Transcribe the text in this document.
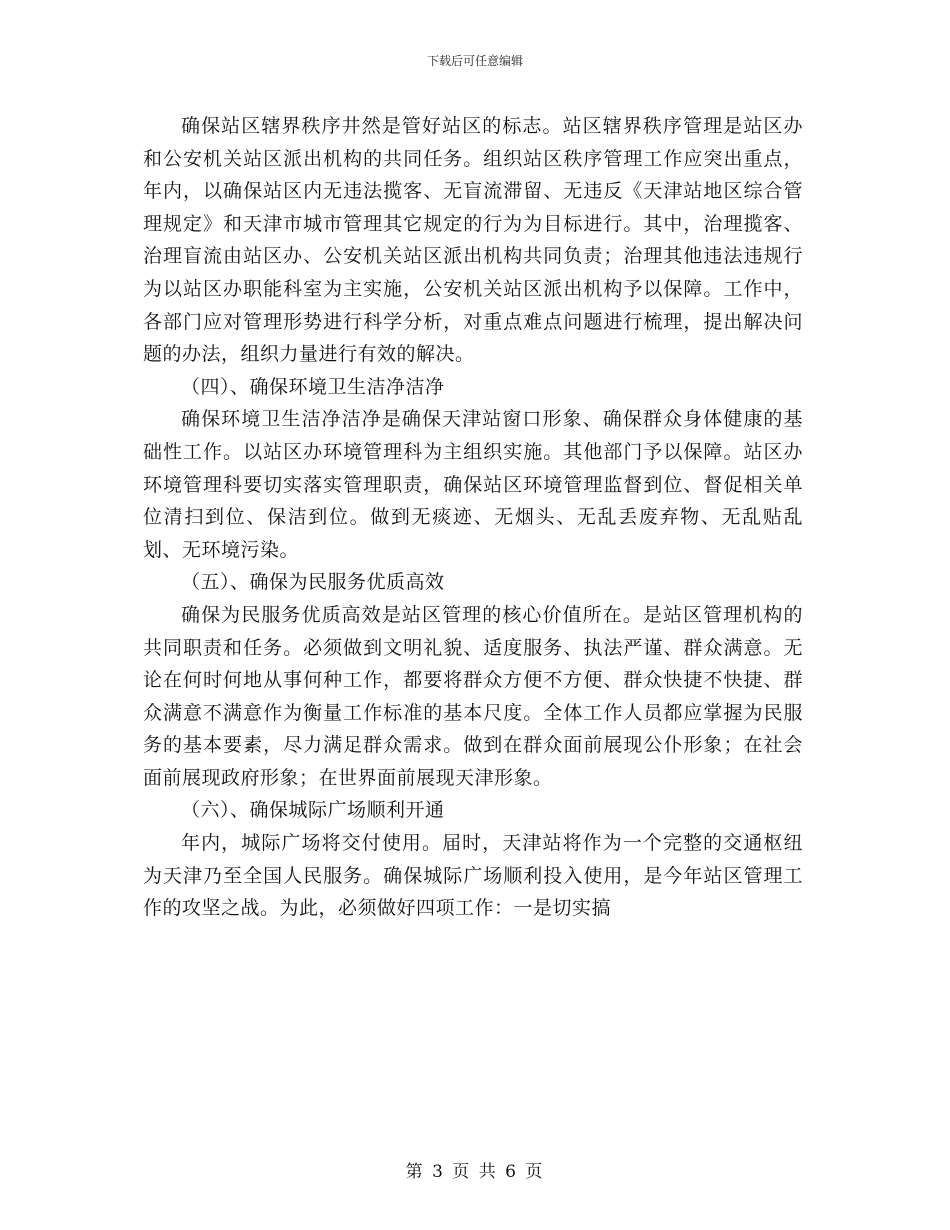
下载后可任意编辑

确保站区辖界秩序井然是管好站区的标志。站区辖界秩序管理是站区办和公安机关站区派出机构的共同任务。组织站区秩序管理工作应突出重点，年内，以确保站区内无违法揽客、无盲流滞留、无违反《天津站地区综合管理规定》和天津市城市管理其它规定的行为为目标进行。其中，治理揽客、治理盲流由站区办、公安机关站区派出机构共同负责；治理其他违法违规行为以站区办职能科室为主实施，公安机关站区派出机构予以保障。工作中，各部门应对管理形势进行科学分析，对重点难点问题进行梳理，提出解决问题的办法，组织力量进行有效的解决。

（四）、确保环境卫生洁净洁净

确保环境卫生洁净洁净是确保天津站窗口形象、确保群众身体健康的基础性工作。以站区办环境管理科为主组织实施。其他部门予以保障。站区办环境管理科要切实落实管理职责，确保站区环境管理监督到位、督促相关单位清扫到位、保洁到位。做到无痰迹、无烟头、无乱丢废弃物、无乱贴乱划、无环境污染。

（五）、确保为民服务优质高效

确保为民服务优质高效是站区管理的核心价值所在。是站区管理机构的共同职责和任务。必须做到文明礼貌、适度服务、执法严谨、群众满意。无论在何时何地从事何种工作，都要将群众方便不方便、群众快捷不快捷、群众满意不满意作为衡量工作标准的基本尺度。全体工作人员都应掌握为民服务的基本要素，尽力满足群众需求。做到在群众面前展现公仆形象；在社会面前展现政府形象；在世界面前展现天津形象。

（六）、确保城际广场顺利开通

年内，城际广场将交付使用。届时，天津站将作为一个完整的交通枢纽为天津乃至全国人民服务。确保城际广场顺利投入使用，是今年站区管理工作的攻坚之战。为此，必须做好四项工作：一是切实搞

第 3 页 共 6 页
